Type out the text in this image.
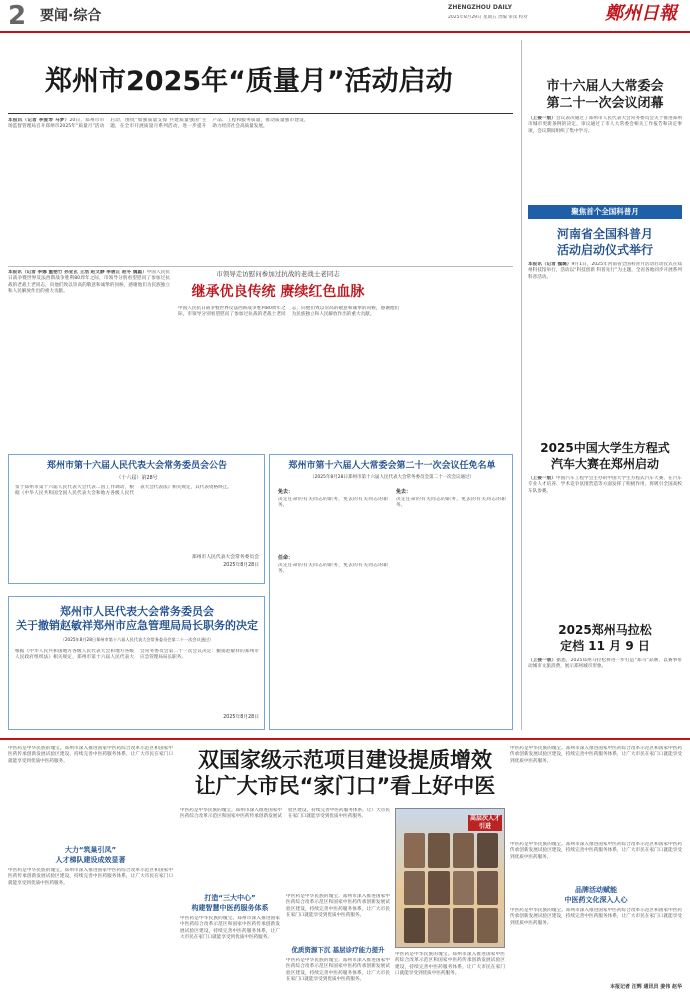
2 要闻·综合
ZHENGZHOU DAILY
2025年8月29日 星期五 责编 审读 校对	鄭州日報
郑州市2025年“质量月”活动启动
本报讯（记者 李爱琴 马梦）20日，郑州市市场监督管理局召开郑州市2025年“质量月”活动启动，围绕“加强质量支撑 共建质量强国”主题，在全市开展质量月系列活动，进一步提升产品、工程和服务质量，推动质量强市建设，助力经济社会高质量发展。

本报讯（记者 李娜 董艳竹 孙亚玄 王浩 赵文静 李唐正 赵冬 魏霞）中国人民抗日战争暨世界反法西斯战争胜利80周年之际，市领导分别看望慰问了参加过抗战的老战士老同志，向他们致以崇高的敬意和诚挚的问候，感谢他们为民族独立和人民解放作出的重大贡献。
市领导走访慰问参加过抗战的老战士老同志
继承优良传统 赓续红色血脉
中国人民抗日战争暨世界反法西斯战争胜利80周年之际，市领导分别看望慰问了参加过抗战的老战士老同志，向他们致以崇高的敬意和诚挚的问候，感谢他们为民族独立和人民解放作出的重大贡献。
郑州市第十六届人民代表大会常务委员会公告
（十六届）第28号
鉴于郑州市第十六届人民代表大会代表…因工作调动，根据《中华人民共和国全国人民代表大会和地方各级人民代表大会代表法》相关规定，其代表资格终止。
郑州市人民代表大会常务委员会
2025年8月28日
郑州市第十六届人大常委会第二十一次会议任免名单
（2025年8月28日郑州市第十六届人民代表大会常务委员会第二十一次会议通过）
免去：
决定任命的有关同志的职务，免去的有关同志的职务。
任命：
决定任命的有关同志的职务，免去的有关同志的职务。
免去：
决定任命的有关同志的职务，免去的有关同志的职务。
郑州市人民代表大会常务委员会
关于撤销赵敏祥郑州市应急管理局局长职务的决定
（2025年8月28日郑州市第十六届人民代表大会常务委员会第二十一次会议通过）
根据《中华人民共和国地方各级人民代表大会和地方各级人民政府组织法》相关规定，郑州市第十六届人民代表大会常务委员会第二十一次会议决定：撤销赵敏祥的郑州市应急管理局局长职务。
2025年8月28日
市十六届人大常委会
第二十一次会议闭幕
（上接一版）会议表决通过了郑州市人民代表大会常务委员会关于推进郑州市城市更新条例的决定，审议通过了市人大常委会相关工作报告和决定事项，会议期间组织了集中学习。
聚焦首个全国科普月
河南省全国科普月
活动启动仪式举行
本报讯（记者 魏璐）9月1日，2025年河南省全国科普月活动启动仪式在郑州科技馆举行，活动以“科技创新 科普先行”为主题，全省各地同步开展系列科普活动。
2025中国大学生方程式
汽车大赛在郑州启动
（上接一版）中国汽车工程学会主办的中国大学生方程式汽车大赛，在汽车专业人才培养、学术竞争氛围营造等方面发挥了积极作用，将吸引全国高校车队参赛。
2025郑州马拉松
定档 11 月 9 日
（上接一版）据悉，2025郑州马拉松将进一步打造“郑马”品牌，以赛事带动城市文旅消费，展示郑州城市形象。
双国家级示范项目建设提质增效
让广大市民“家门口”看上好中医
中医药是中华民族的瑰宝。郑州市深入推进国家中医药综合改革示范区和国家中医药传承创新发展试验区建设，持续完善中医药服务体系，让广大市民在家门口就能享受到优质中医药服务。
中医药是中华民族的瑰宝。郑州市深入推进国家中医药综合改革示范区和国家中医药传承创新发展试验区建设，持续完善中医药服务体系，让广大市民在家门口就能享受到优质中医药服务。
大力“筑巢引凤”
人才梯队建设成效显著
中医药是中华民族的瑰宝。郑州市深入推进国家中医药综合改革示范区和国家中医药传承创新发展试验区建设，持续完善中医药服务体系，让广大市民在家门口就能享受到优质中医药服务。
中医药是中华民族的瑰宝。郑州市深入推进国家中医药综合改革示范区和国家中医药传承创新发展试验区建设，持续完善中医药服务体系，让广大市民在家门口就能享受到优质中医药服务。
打造“三大中心”
构建智慧中医药服务体系
中医药是中华民族的瑰宝。郑州市深入推进国家中医药综合改革示范区和国家中医药传承创新发展试验区建设，持续完善中医药服务体系，让广大市民在家门口就能享受到优质中医药服务。
中医药是中华民族的瑰宝。郑州市深入推进国家中医药综合改革示范区和国家中医药传承创新发展试验区建设，持续完善中医药服务体系，让广大市民在家门口就能享受到优质中医药服务。
优质资源下沉 基层诊疗能力提升
中医药是中华民族的瑰宝。郑州市深入推进国家中医药综合改革示范区和国家中医药传承创新发展试验区建设，持续完善中医药服务体系，让广大市民在家门口就能享受到优质中医药服务。
高层次人才引进
中医药是中华民族的瑰宝。郑州市深入推进国家中医药综合改革示范区和国家中医药传承创新发展试验区建设，持续完善中医药服务体系，让广大市民在家门口就能享受到优质中医药服务。
中医药是中华民族的瑰宝。郑州市深入推进国家中医药综合改革示范区和国家中医药传承创新发展试验区建设，持续完善中医药服务体系，让广大市民在家门口就能享受到优质中医药服务。
品牌活动赋能
中医药文化深入人心
中医药是中华民族的瑰宝。郑州市深入推进国家中医药综合改革示范区和国家中医药传承创新发展试验区建设，持续完善中医药服务体系，让广大市民在家门口就能享受到优质中医药服务。
本报记者 汪辉 通讯员 姜伟 赵华
